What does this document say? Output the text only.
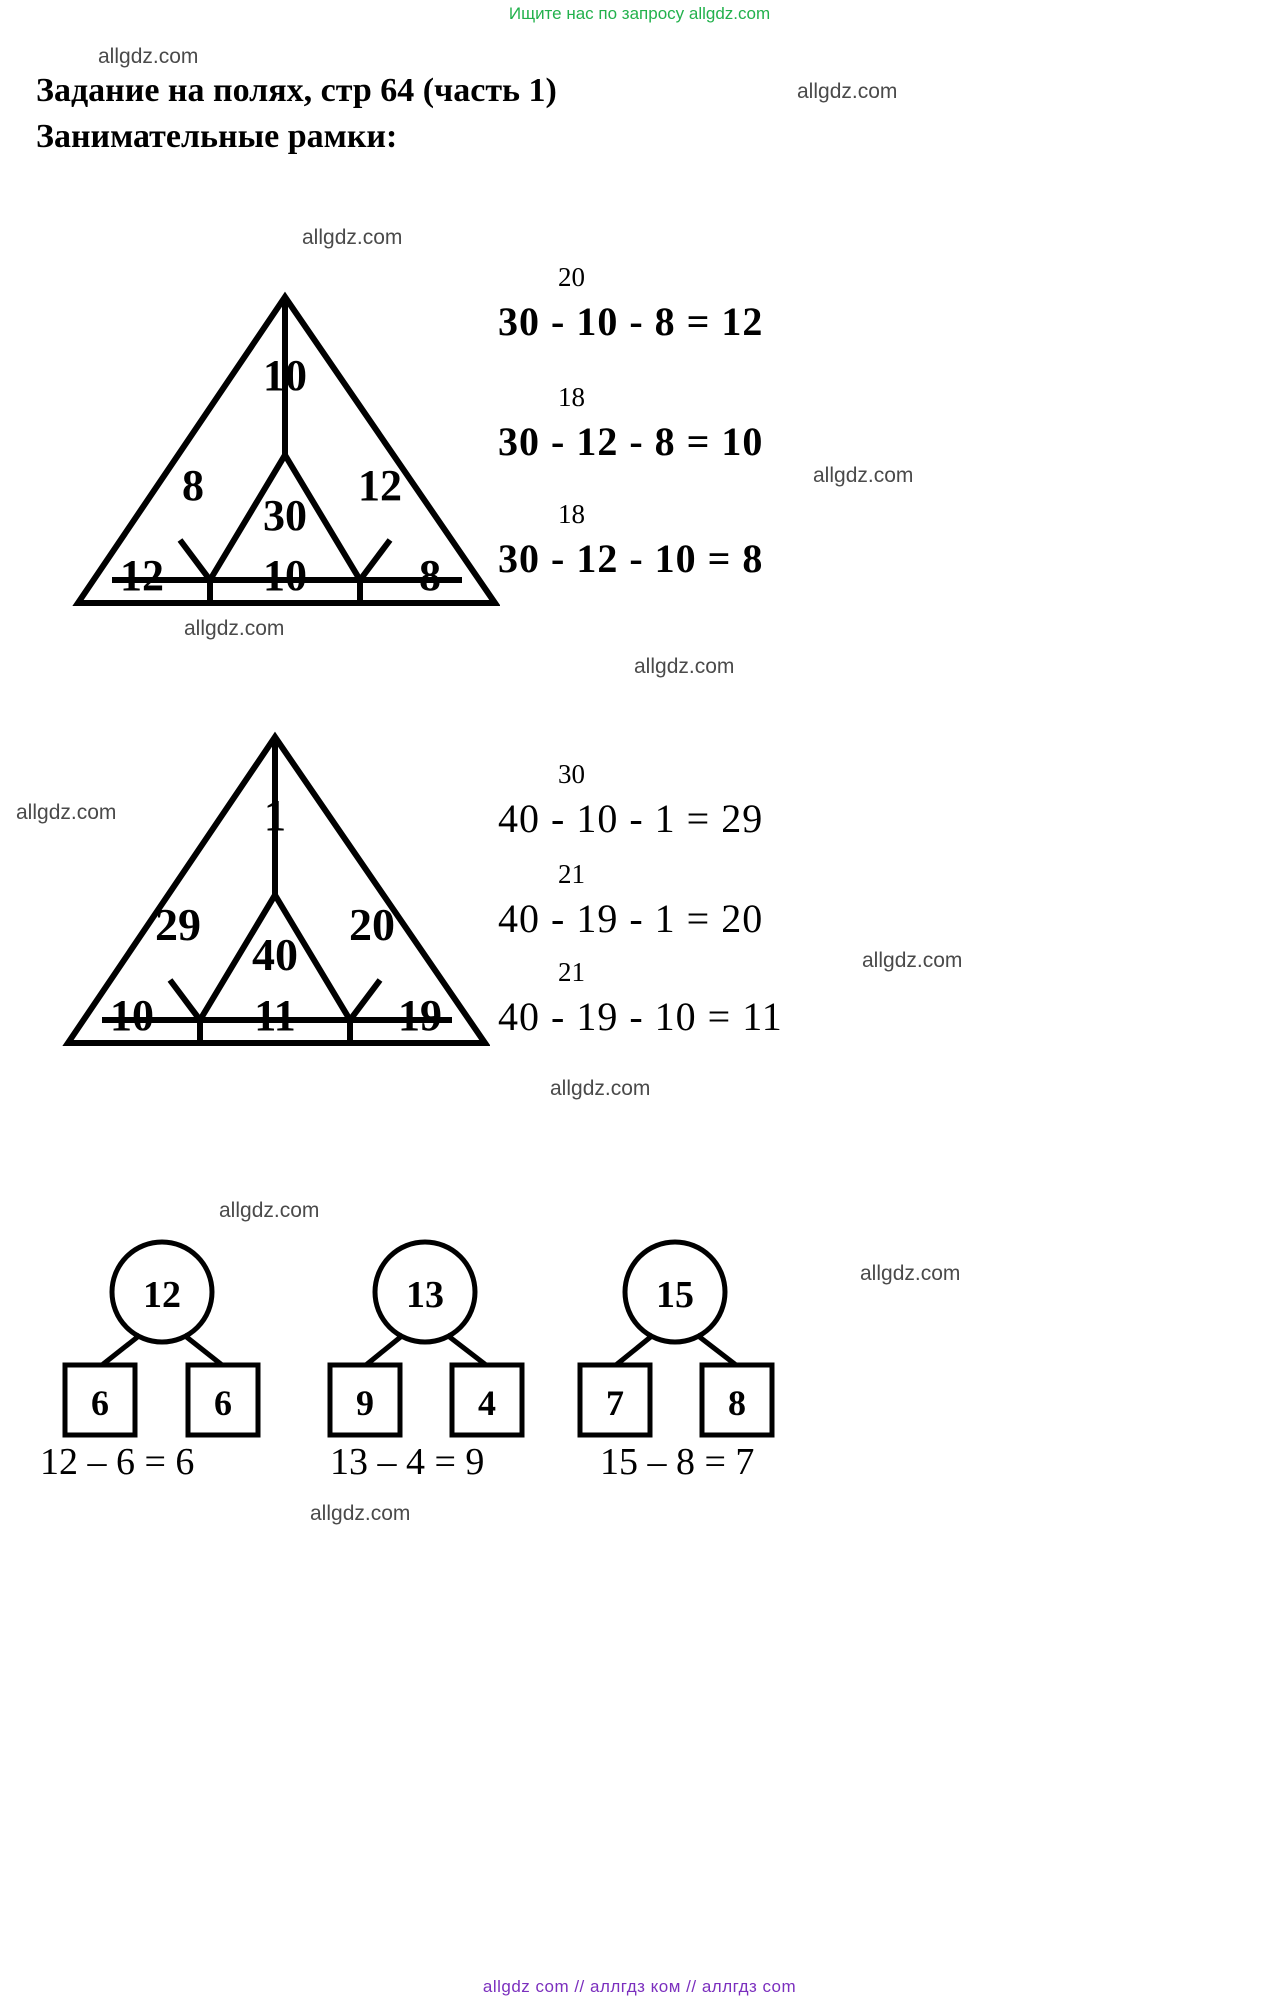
Ищите нас по запросу allgdz.com
allgdz.com
allgdz.com
allgdz.com
allgdz.com
allgdz.com
allgdz.com
allgdz.com
allgdz.com
allgdz.com
allgdz.com
allgdz.com
allgdz.com
Задание на полях, стр 64 (часть 1)
Занимательные рамки:
10
8
30
12
12 10	8
1
29
40
20
10 11 19
20
30 - 10 - 8 = 12
18
30 - 12 - 8 = 10
18
30 - 12 - 10 = 8
30
40 - 10 - 1 = 29
21
40 - 19 - 1 = 20
21
40 - 19 - 10 = 11
12
6	6
13
9	4
15
7	8
12 – 6 = 6	13 – 4 = 9	15 – 8 = 7
allgdz com // аллгдз ком // аллгдз com
